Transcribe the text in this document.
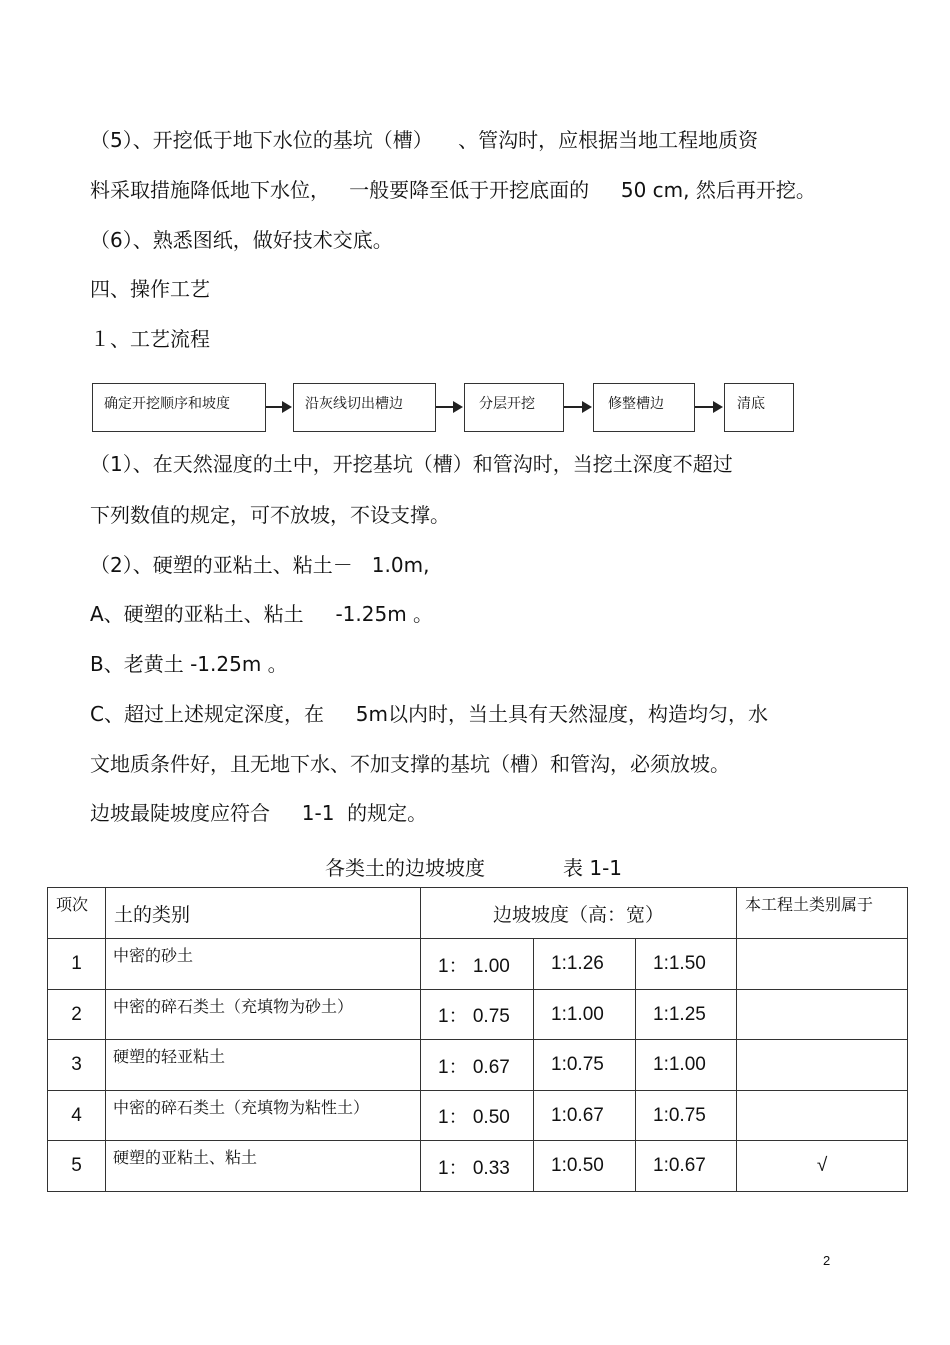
（5）、开挖低于地下水位的基坑（槽）    、管沟时，应根据当地工程地质资
料采取措施降低地下水位，   一般要降至低于开挖底面的     50 cm, 然后再开挖。
（6）、熟悉图纸，做好技术交底。
四、操作工艺
１、工艺流程
确定开挖顺序和坡度	沿灰线切出槽边	分层开挖	修整槽边	清底
（1）、在天然湿度的土中，开挖基坑（槽）和管沟时，当挖土深度不超过
下列数值的规定，可不放坡，不设支撑。
（2）、硬塑的亚粘土、粘土－   1.0m,
A、硬塑的亚粘土、粘土     -1.25m 。
B、老黄土 -1.25m 。
C、超过上述规定深度，在     5m以内时，当土具有天然湿度，构造均匀，水
文地质条件好，且无地下水、不加支撑的基坑（槽）和管沟，必须放坡。
边坡最陡坡度应符合     1-1  的规定。
各类土的边坡坡度	表 1-1
项次	土的类别	边坡坡度（高：宽）			本工程土类别属于
1	中密的砂土	1： 1.00	1:1.26	1:1.50	
2	中密的碎石类土（充填物为砂土）	1： 0.75	1:1.00	1:1.25	
3	硬塑的轻亚粘土	1： 0.67	1:0.75	1:1.00	
4	中密的碎石类土（充填物为粘性土）	1： 0.50	1:0.67	1:0.75	
5	硬塑的亚粘土、粘土	1： 0.33	1:0.50	1:0.67	√
2
